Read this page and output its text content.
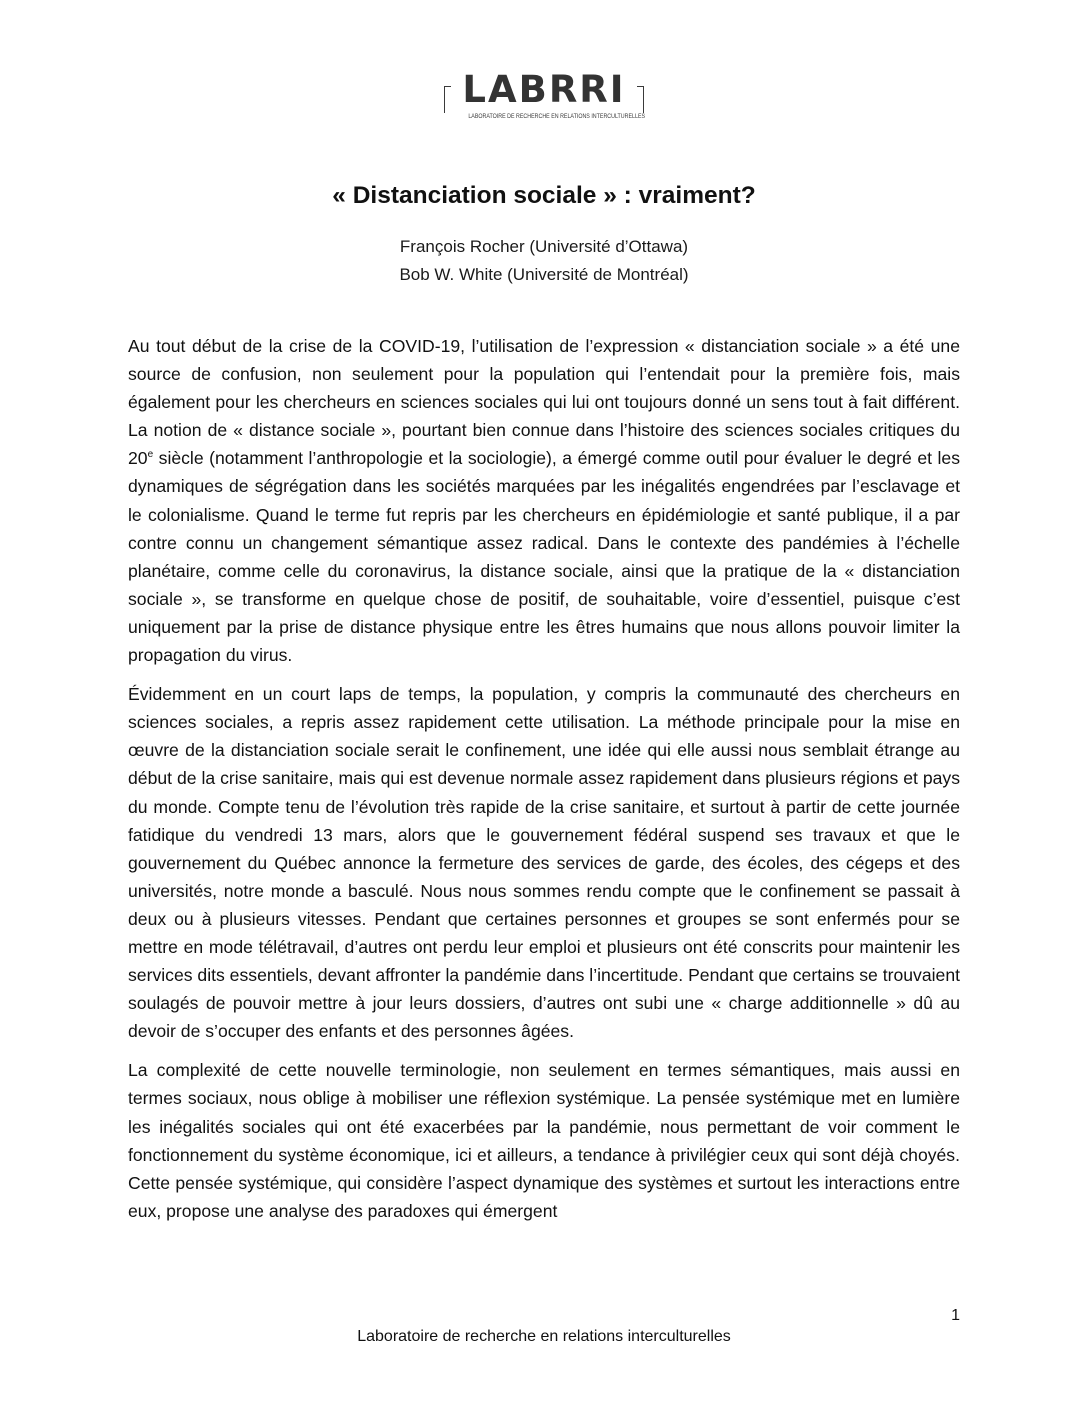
LABRRI
LABORATOIRE DE RECHERCHE EN RELATIONS INTERCULTURELLES
« Distanciation sociale » : vraiment?
François Rocher (Université d’Ottawa)
Bob W. White (Université de Montréal)

Au tout début de la crise de la COVID-19, l’utilisation de l’expression « distanciation sociale » a été une source de confusion, non seulement pour la population qui l’entendait pour la première fois, mais également pour les chercheurs en sciences sociales qui lui ont toujours donné un sens tout à fait différent. La notion de « distance sociale », pourtant bien connue dans l’histoire des sciences sociales critiques du 20e siècle (notamment l’anthropologie et la sociologie), a émergé comme outil pour évaluer le degré et les dynamiques de ségrégation dans les sociétés marquées par les inégalités engendrées par l’esclavage et le colonialisme. Quand le terme fut repris par les chercheurs en épidémiologie et santé publique, il a par contre connu un changement sémantique assez radical. Dans le contexte des pandémies à l’échelle planétaire, comme celle du coronavirus, la distance sociale, ainsi que la pratique de la « distanciation sociale », se transforme en quelque chose de positif, de souhaitable, voire d’essentiel, puisque c’est uniquement par la prise de distance physique entre les êtres humains que nous allons pouvoir limiter la propagation du virus.

Évidemment en un court laps de temps, la population, y compris la communauté des chercheurs en sciences sociales, a repris assez rapidement cette utilisation. La méthode principale pour la mise en œuvre de la distanciation sociale serait le confinement, une idée qui elle aussi nous semblait étrange au début de la crise sanitaire, mais qui est devenue normale assez rapidement dans plusieurs régions et pays du monde. Compte tenu de l’évolution très rapide de la crise sanitaire, et surtout à partir de cette journée fatidique du vendredi 13 mars, alors que le gouvernement fédéral suspend ses travaux et que le gouvernement du Québec annonce la fermeture des services de garde, des écoles, des cégeps et des universités, notre monde a basculé. Nous nous sommes rendu compte que le confinement se passait à deux ou à plusieurs vitesses. Pendant que certaines personnes et groupes se sont enfermés pour se mettre en mode télétravail, d’autres ont perdu leur emploi et plusieurs ont été conscrits pour maintenir les services dits essentiels, devant affronter la pandémie dans l’incertitude. Pendant que certains se trouvaient soulagés de pouvoir mettre à jour leurs dossiers, d’autres ont subi une « charge additionnelle » dû au devoir de s’occuper des enfants et des personnes âgées.

La complexité de cette nouvelle terminologie, non seulement en termes sémantiques, mais aussi en termes sociaux, nous oblige à mobiliser une réflexion systémique. La pensée systémique met en lumière les inégalités sociales qui ont été exacerbées par la pandémie, nous permettant de voir comment le fonctionnement du système économique, ici et ailleurs, a tendance à privilégier ceux qui sont déjà choyés. Cette pensée systémique, qui considère l’aspect dynamique des systèmes et surtout les interactions entre eux, propose une analyse des paradoxes qui émergent

1
Laboratoire de recherche en relations interculturelles
